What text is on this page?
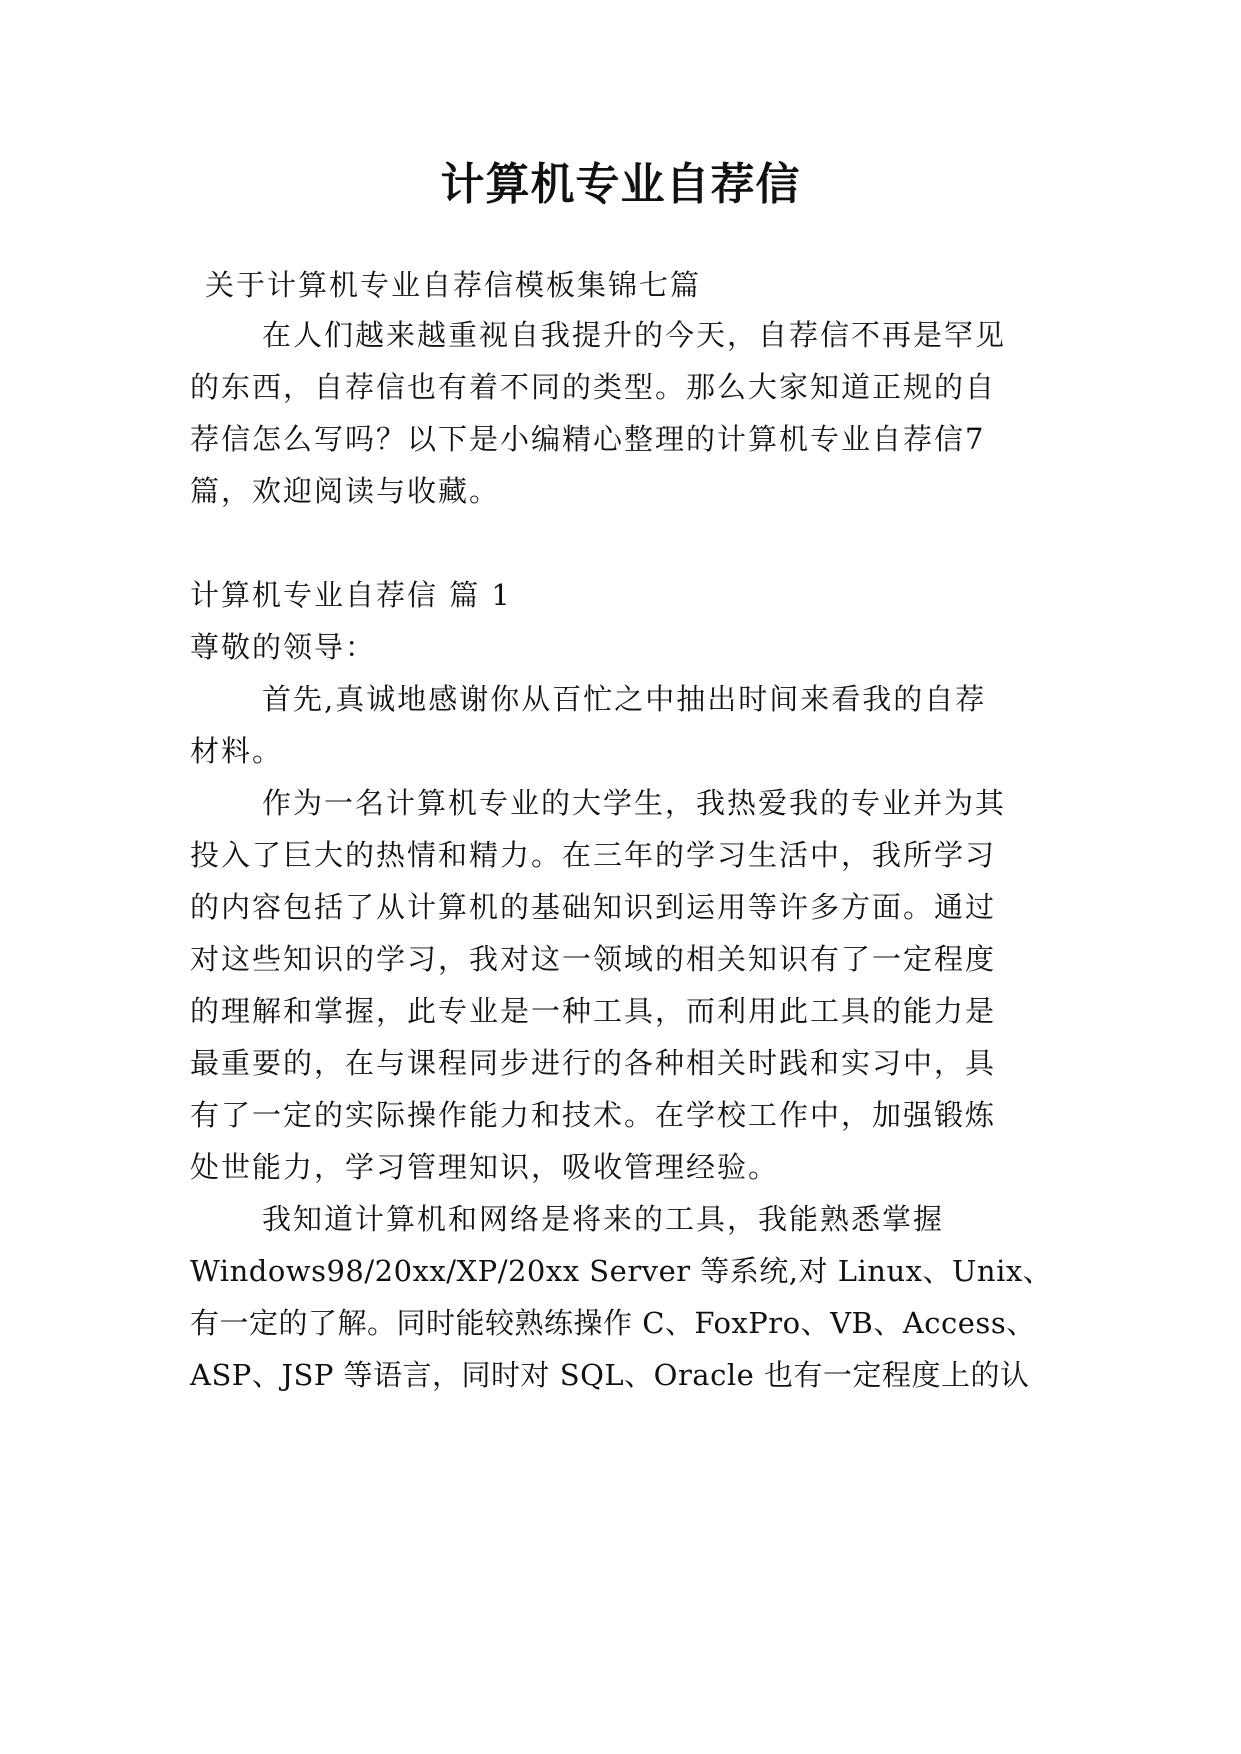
计算机专业自荐信

关于计算机专业自荐信模板集锦七篇

在人们越来越重视自我提升的今天，自荐信不再是罕见

的东西，自荐信也有着不同的类型。那么大家知道正规的自

荐信怎么写吗？以下是小编精心整理的计算机专业自荐信7

篇，欢迎阅读与收藏。

计算机专业自荐信 篇 1

尊敬的领导：

首先,真诚地感谢你从百忙之中抽出时间来看我的自荐

材料。

作为一名计算机专业的大学生，我热爱我的专业并为其

投入了巨大的热情和精力。在三年的学习生活中，我所学习

的内容包括了从计算机的基础知识到运用等许多方面。通过

对这些知识的学习，我对这一领域的相关知识有了一定程度

的理解和掌握，此专业是一种工具，而利用此工具的能力是

最重要的，在与课程同步进行的各种相关时践和实习中，具

有了一定的实际操作能力和技术。在学校工作中，加强锻炼

处世能力，学习管理知识，吸收管理经验。

我知道计算机和网络是将来的工具，我能熟悉掌握

Windows98/20xx/XP/20xx Server 等系统,对 Linux、Unix、

有一定的了解。同时能较熟练操作 C、FoxPro、VB、Access、

ASP、JSP 等语言，同时对 SQL、Oracle 也有一定程度上的认
